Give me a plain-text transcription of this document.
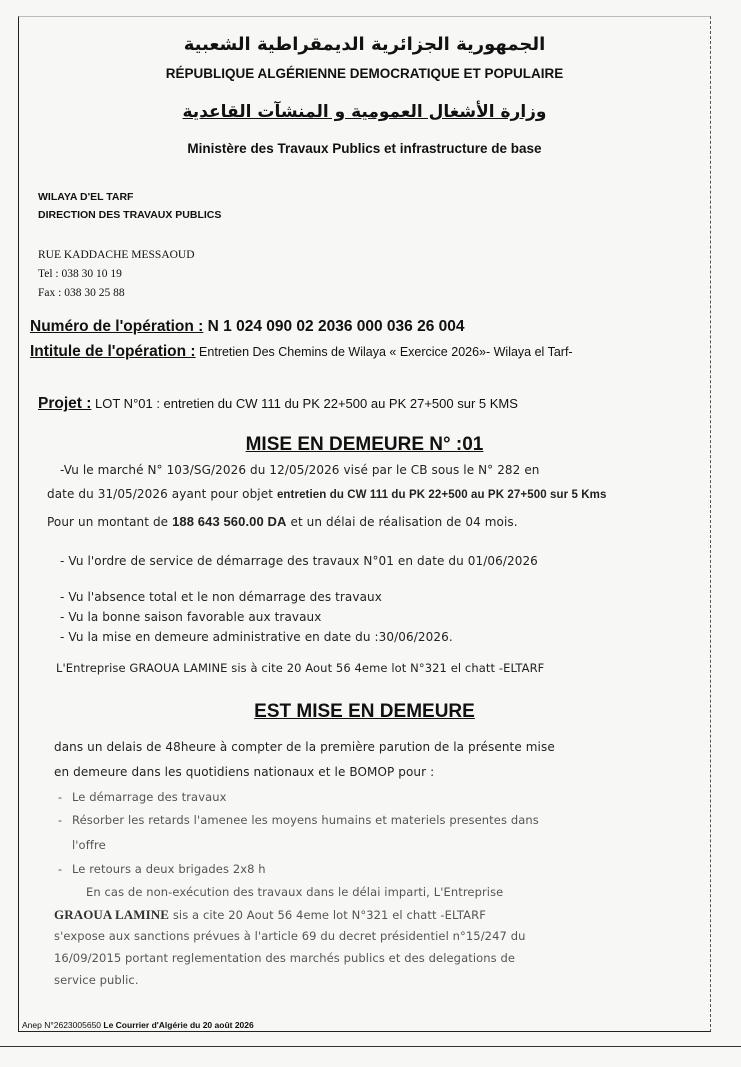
الجمهورية الجزائرية الديمقراطية الشعبية
RÉPUBLIQUE ALGÉRIENNE DEMOCRATIQUE ET POPULAIRE
وزارة الأشغال العمومية و المنشآت القاعدية
Ministère des Travaux Publics et infrastructure de base
WILAYA D'EL TARF
DIRECTION DES TRAVAUX PUBLICS
RUE KADDACHE MESSAOUD
Tel : 038 30 10 19
Fax : 038 30 25 88
Numéro de l'opération : N 1 024 090 02 2036 000 036 26 004
Intitule de l'opération : Entretien Des Chemins de Wilaya « Exercice 2026»- Wilaya el Tarf-
Projet : LOT N°01 : entretien du CW 111 du PK 22+500 au PK 27+500 sur 5 KMS
MISE EN DEMEURE N° :01
-Vu le marché N° 103/SG/2026 du 12/05/2026 visé par le CB sous le N° 282 en
date du 31/05/2026 ayant pour objet entretien du CW 111 du PK 22+500 au PK 27+500 sur 5 Kms
Pour un montant de 188 643 560.00 DA et un délai de réalisation de 04 mois.
- Vu l'ordre de service de démarrage des travaux N°01 en date du 01/06/2026
- Vu l'absence total et le non démarrage des travaux
- Vu la bonne saison favorable aux travaux
- Vu la mise en demeure administrative en date du :30/06/2026.
L'Entreprise GRAOUA LAMINE sis à cite 20 Aout 56 4eme lot N°321 el chatt -ELTARF
EST MISE EN DEMEURE
dans un delais de 48heure à compter de la première parution de la présente mise
en demeure dans les quotidiens nationaux et le BOMOP pour :
- Le démarrage des travaux
- Résorber les retards l'amenee les moyens humains et materiels presentes dans
l'offre
- Le retours a deux brigades 2x8 h
En cas de non-exécution des travaux dans le délai imparti, L'Entreprise
GRAOUA LAMINE sis a cite 20 Aout 56 4eme lot N°321 el chatt -ELTARF
s'expose aux sanctions prévues à l'article 69 du decret présidentiel n°15/247 du
16/09/2015 portant reglementation des marchés publics et des delegations de
service public.
Anep N°2623005650 Le Courrier d'Algérie du 20 août 2026
